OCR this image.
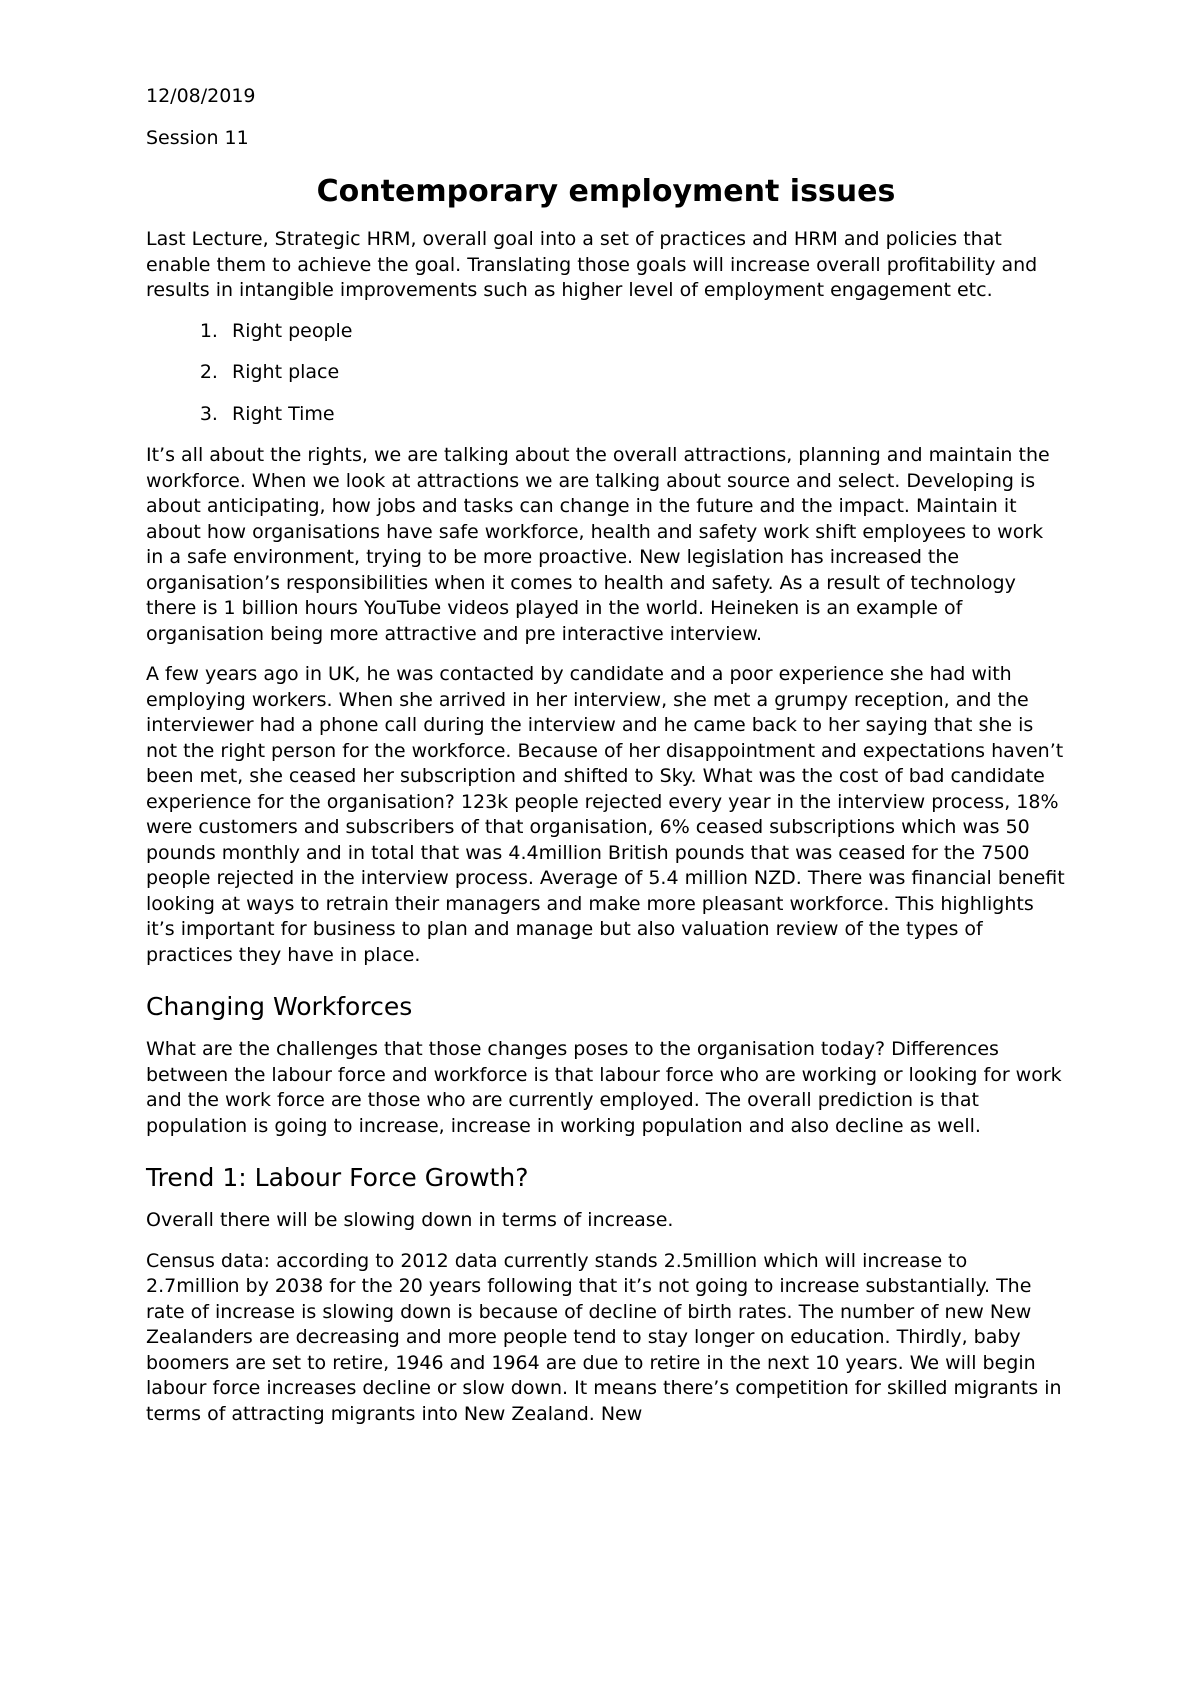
12/08/2019

Session 11

Contemporary employment issues

Last Lecture, Strategic HRM, overall goal into a set of practices and HRM and policies that enable them to achieve the goal. Translating those goals will increase overall profitability and results in intangible improvements such as higher level of employment engagement etc.

1. Right people
2. Right place
3. Right Time

It’s all about the rights, we are talking about the overall attractions, planning and maintain the workforce. When we look at attractions we are talking about source and select. Developing is about anticipating, how jobs and tasks can change in the future and the impact. Maintain it about how organisations have safe workforce, health and safety work shift employees to work in a safe environment, trying to be more proactive. New legislation has increased the organisation’s responsibilities when it comes to health and safety. As a result of technology there is 1 billion hours YouTube videos played in the world. Heineken is an example of organisation being more attractive and pre interactive interview.

A few years ago in UK, he was contacted by candidate and a poor experience she had with employing workers. When she arrived in her interview, she met a grumpy reception, and the interviewer had a phone call during the interview and he came back to her saying that she is not the right person for the workforce. Because of her disappointment and expectations haven’t been met, she ceased her subscription and shifted to Sky. What was the cost of bad candidate experience for the organisation? 123k people rejected every year in the interview process, 18% were customers and subscribers of that organisation, 6% ceased subscriptions which was 50 pounds monthly and in total that was 4.4million British pounds that was ceased for the 7500 people rejected in the interview process. Average of 5.4 million NZD. There was financial benefit looking at ways to retrain their managers and make more pleasant workforce. This highlights it’s important for business to plan and manage but also valuation review of the types of practices they have in place.

Changing Workforces

What are the challenges that those changes poses to the organisation today? Differences between the labour force and workforce is that labour force who are working or looking for work and the work force are those who are currently employed. The overall prediction is that population is going to increase, increase in working population and also decline as well.

Trend 1: Labour Force Growth?

Overall there will be slowing down in terms of increase.

Census data: according to 2012 data currently stands 2.5million which will increase to 2.7million by 2038 for the 20 years following that it’s not going to increase substantially. The rate of increase is slowing down is because of decline of birth rates. The number of new New Zealanders are decreasing and more people tend to stay longer on education. Thirdly, baby boomers are set to retire, 1946 and 1964 are due to retire in the next 10 years. We will begin labour force increases decline or slow down. It means there’s competition for skilled migrants in terms of attracting migrants into New Zealand. New
